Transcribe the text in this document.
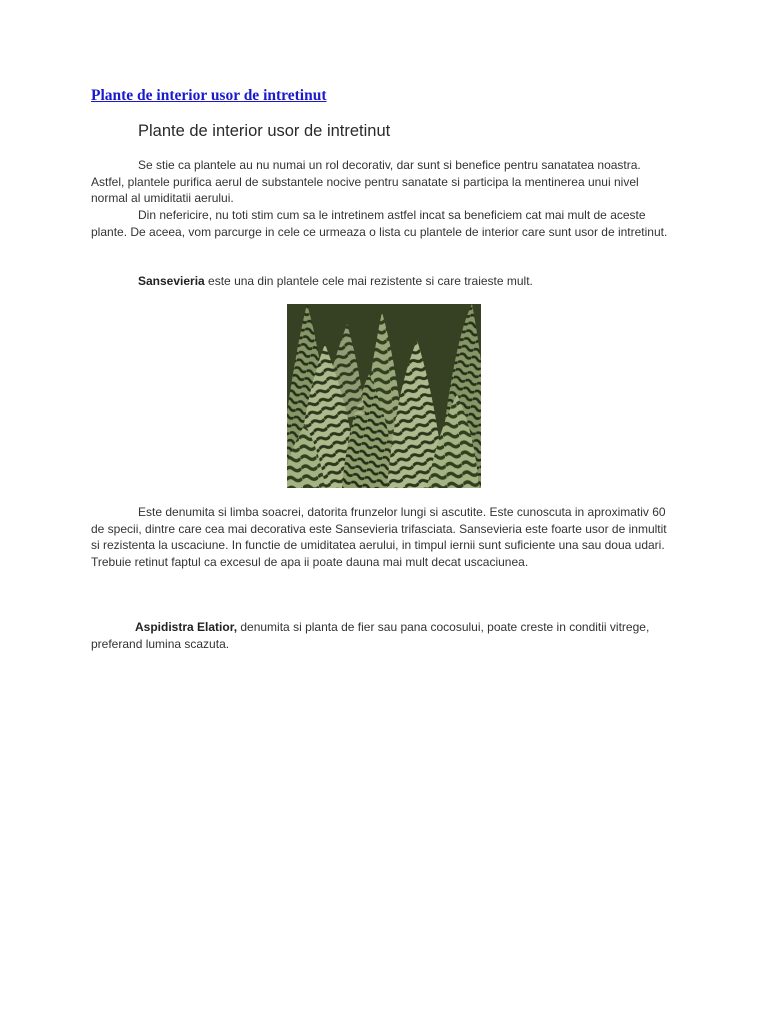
Plante de interior usor de intretinut
Plante de interior usor de intretinut

Se stie ca plantele au nu numai un rol decorativ, dar sunt si benefice pentru sanatatea noastra. Astfel, plantele purifica aerul de substantele nocive pentru sanatate si participa la mentinerea unui nivel normal al umiditatii aerului.

Din nefericire, nu toti stim cum sa le intretinem astfel incat sa beneficiem cat mai mult de aceste plante. De aceea, vom parcurge in cele ce urmeaza o lista cu plantele de interior care sunt usor de intretinut.

Sansevieria este una din plantele cele mai rezistente si care traieste mult.

Este denumita si limba soacrei, datorita frunzelor lungi si ascutite. Este cunoscuta in aproximativ 60 de specii, dintre care cea mai decorativa este Sansevieria trifasciata. Sansevieria este foarte usor de inmultit si rezistenta la uscaciune. In functie de umiditatea aerului, in timpul iernii sunt suficiente una sau doua udari. Trebuie retinut faptul ca excesul de apa ii poate dauna mai mult decat uscaciunea.

Aspidistra Elatior, denumita si planta de fier sau pana cocosului, poate creste in conditii vitrege, preferand lumina scazuta.
